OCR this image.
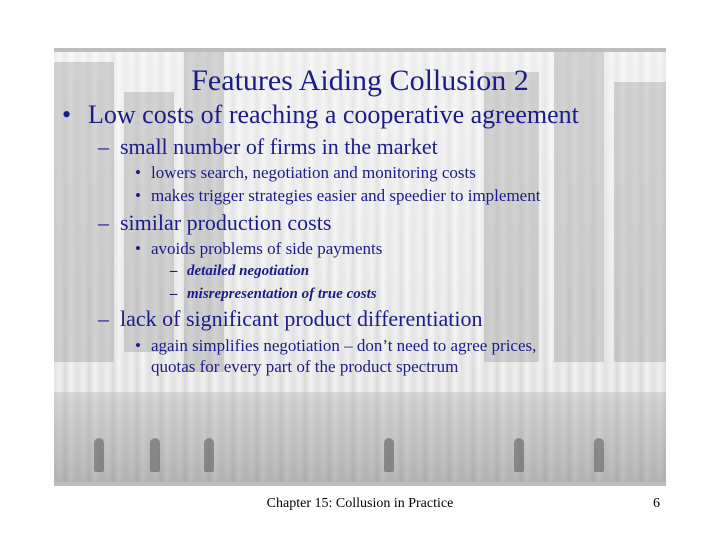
Features Aiding Collusion 2
• Low costs of reaching a cooperative agreement
– small number of firms in the market
• lowers search, negotiation and monitoring costs
• makes trigger strategies easier and speedier to implement
– similar production costs
• avoids problems of side payments
– detailed negotiation
– misrepresentation of true costs
– lack of significant product differentiation
• again simplifies negotiation – don’t need to agree prices,
quotas for every part of the product spectrum
Chapter 15: Collusion in Practice	6
